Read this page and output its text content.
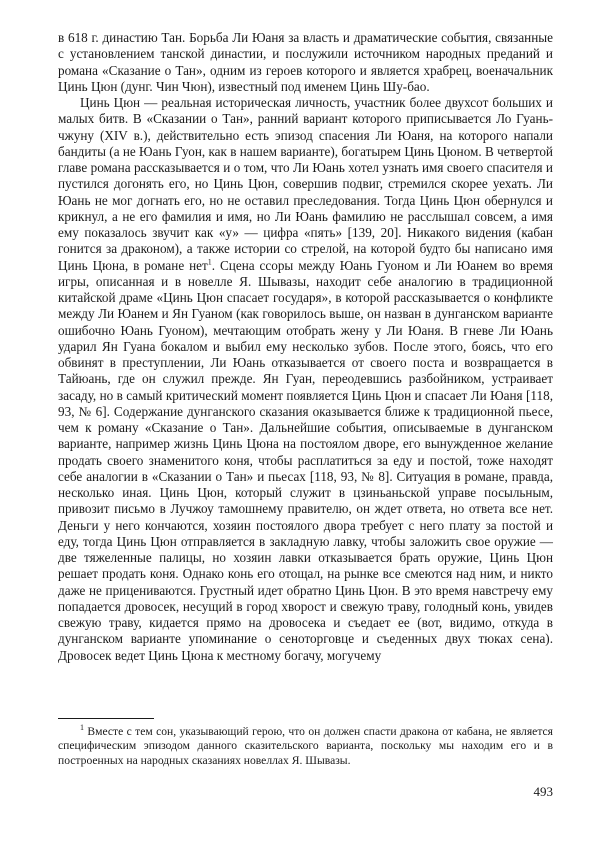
в 618 г. династию Тан. Борьба Ли Юаня за власть и драматические события, связанные с установлением танской династии, и послужили источником народных преданий и романа «Сказание о Тан», одним из героев которого и является храбрец, военачальник Цинь Цюн (дунг. Чин Чюн), известный под именем Цинь Шу-бао.

Цинь Цюн — реальная историческая личность, участник более двухсот больших и малых битв. В «Сказании о Тан», ранний вариант которого приписывается Ло Гуань-чжуну (XIV в.), действительно есть эпизод спасения Ли Юаня, на которого напали бандиты (а не Юань Гуон, как в нашем варианте), богатырем Цинь Цюном. В четвертой главе романа рассказывается и о том, что Ли Юань хотел узнать имя своего спасителя и пустился догонять его, но Цинь Цюн, совершив подвиг, стремился скорее уехать. Ли Юань не мог догнать его, но не оставил преследования. Тогда Цинь Цюн обернулся и крикнул, а не его фамилия и имя, но Ли Юань фамилию не расслышал совсем, а имя ему показалось звучит как «у» — цифра «пять» [139, 20]. Никакого видения (кабан гонится за драконом), а также истории со стрелой, на которой будто бы написано имя Цинь Цюна, в романе нет$^1$. Сцена ссоры между Юань Гуоном и Ли Юанем во время игры, описанная и в новелле Я. Шывазы, находит себе аналогию в традиционной китайской драме «Цинь Цюн спасает государя», в которой рассказывается о конфликте между Ли Юанем и Ян Гуаном (как говорилось выше, он назван в дунганском варианте ошибочно Юань Гуоном), мечтающим отобрать жену у Ли Юаня. В гневе Ли Юань ударил Ян Гуана бокалом и выбил ему несколько зубов. После этого, боясь, что его обвинят в преступлении, Ли Юань отказывается от своего поста и возвращается в Тайюань, где он служил прежде. Ян Гуан, переодевшись разбойником, устраивает засаду, но в самый критический момент появляется Цинь Цюн и спасает Ли Юаня [118, 93, № 6]. Содержание дунганского сказания оказывается ближе к традиционной пьесе, чем к роману «Сказание о Тан». Дальнейшие события, описываемые в дунганском варианте, например жизнь Цинь Цюна на постоялом дворе, его вынужденное желание продать своего знаменитого коня, чтобы расплатиться за еду и постой, тоже находят себе аналогии в «Сказании о Тан» и пьесах [118, 93, № 8]. Ситуация в романе, правда, несколько иная. Цинь Цюн, который служит в цзиньаньской управе посыльным, привозит письмо в Лучжоу тамошнему правителю, он ждет ответа, но ответа все нет. Деньги у него кончаются, хозяин постоялого двора требует с него плату за постой и еду, тогда Цинь Цюн отправляется в закладную лавку, чтобы заложить свое оружие — две тяжеленные палицы, но хозяин лавки отказывается брать оружие, Цинь Цюн решает продать коня. Однако конь его отощал, на рынке все смеются над ним, и никто даже не прицениваются. Грустный идет обратно Цинь Цюн. В это время навстречу ему попадается дровосек, несущий в город хворост и свежую траву, голодный конь, увидев свежую траву, кидается прямо на дровосека и съедает ее (вот, видимо, откуда в дунганском варианте упоминание о сеноторговце и съеденных двух тюках сена). Дровосек ведет Цинь Цюна к местному богачу, могучему

$^1$ Вместе с тем сон, указывающий герою, что он должен спасти дракона от кабана, не является специфическим эпизодом данного сказительского варианта, поскольку мы находим его и в построенных на народных сказаниях новеллах Я. Шывазы.

493
